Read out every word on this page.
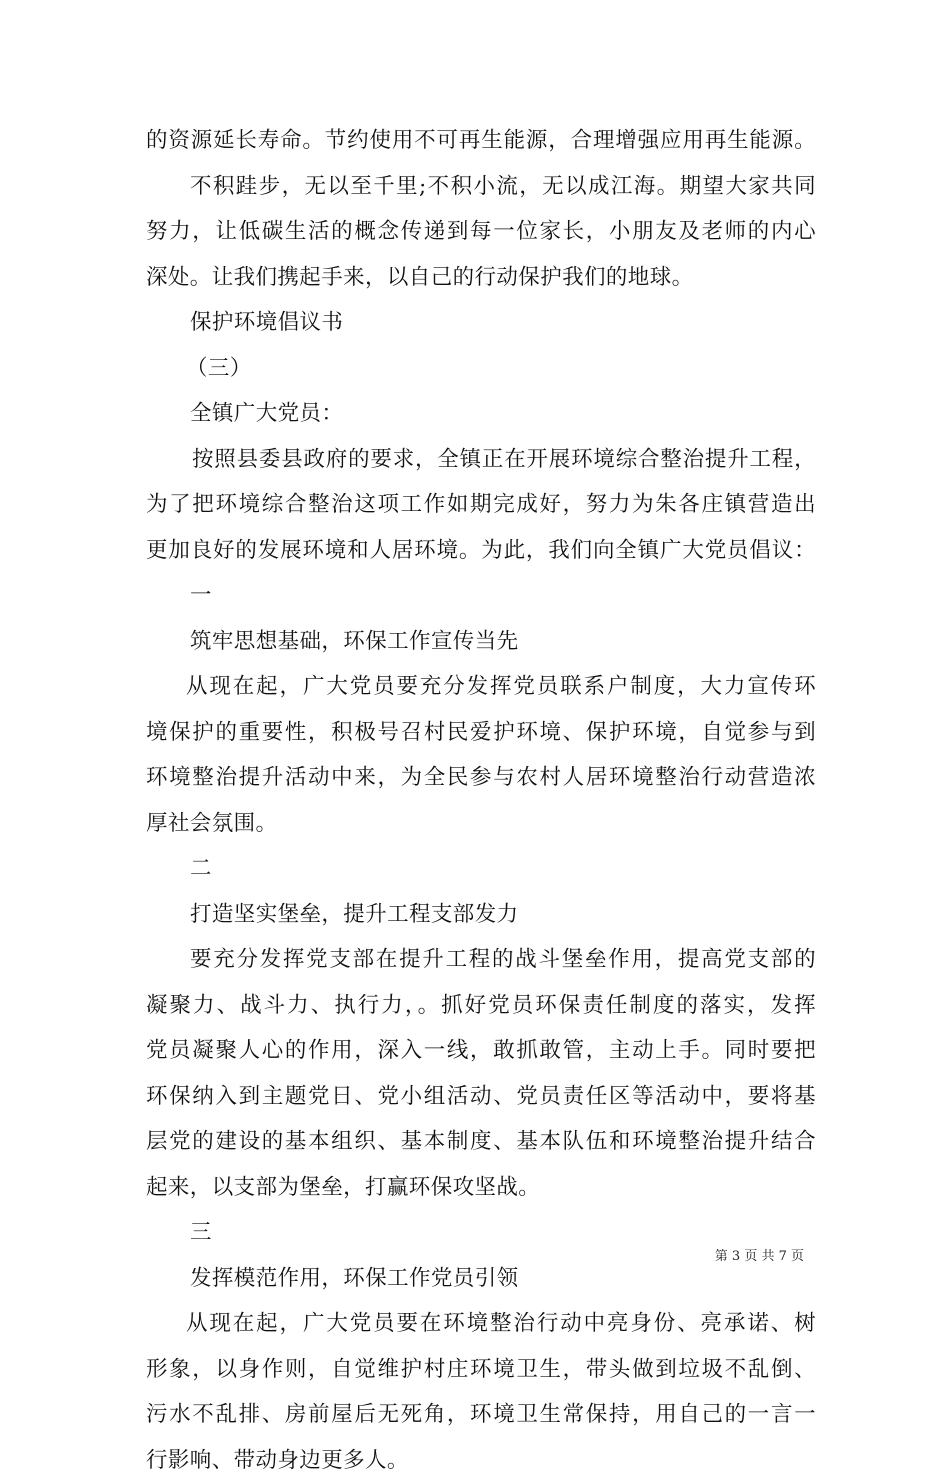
的资源延长寿命。节约使用不可再生能源，合理增强应用再生能源。
不积跬步，无以至千里;不积小流，无以成江海。期望大家共同
努力，让低碳生活的概念传递到每一位家长，小朋友及老师的内心
深处。让我们携起手来，以自己的行动保护我们的地球。
保护环境倡议书
（三）
全镇广大党员：
按照县委县政府的要求，全镇正在开展环境综合整治提升工程，
为了把环境综合整治这项工作如期完成好，努力为朱各庄镇营造出
更加良好的发展环境和人居环境。为此，我们向全镇广大党员倡议：
一
筑牢思想基础，环保工作宣传当先
从现在起，广大党员要充分发挥党员联系户制度，大力宣传环
境保护的重要性，积极号召村民爱护环境、保护环境，自觉参与到
环境整治提升活动中来，为全民参与农村人居环境整治行动营造浓
厚社会氛围。
二
打造坚实堡垒，提升工程支部发力
要充分发挥党支部在提升工程的战斗堡垒作用，提高党支部的
凝聚力、战斗力、执行力，。抓好党员环保责任制度的落实，发挥
党员凝聚人心的作用，深入一线，敢抓敢管，主动上手。同时要把
环保纳入到主题党日、党小组活动、党员责任区等活动中，要将基
层党的建设的基本组织、基本制度、基本队伍和环境整治提升结合
起来，以支部为堡垒，打赢环保攻坚战。
三
发挥模范作用，环保工作党员引领
从现在起，广大党员要在环境整治行动中亮身份、亮承诺、树
形象，以身作则，自觉维护村庄环境卫生，带头做到垃圾不乱倒、
污水不乱排、房前屋后无死角，环境卫生常保持，用自己的一言一
行影响、带动身边更多人。
第 3 页 共 7 页
